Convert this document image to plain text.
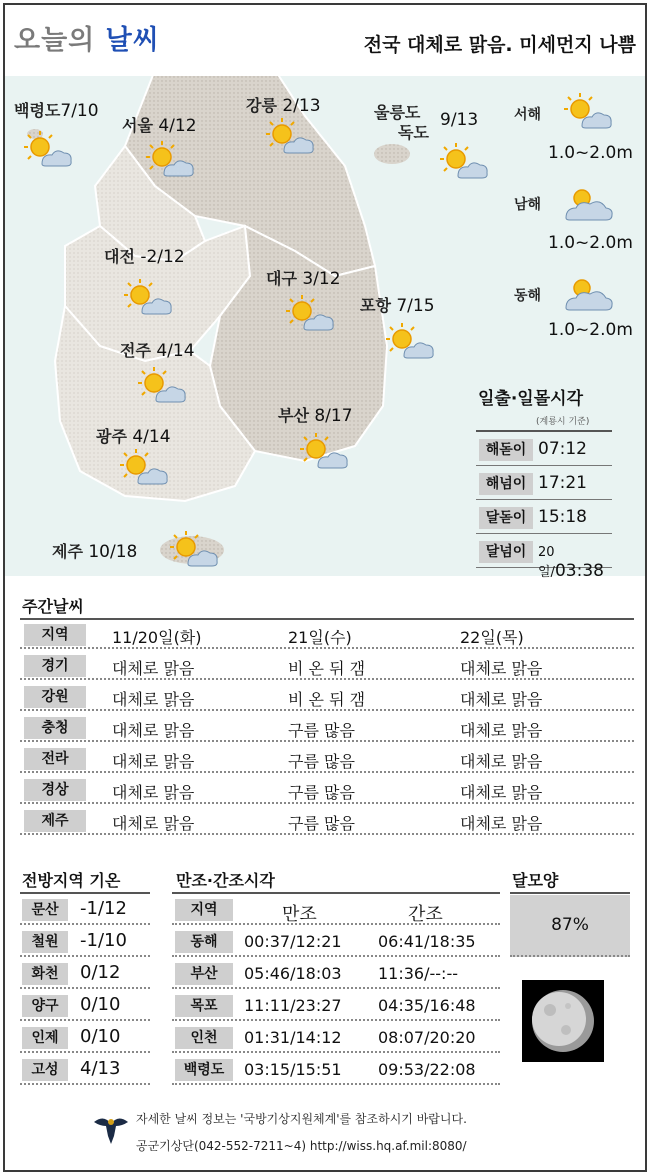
오늘의 날씨	전국 대체로 맑음. 미세먼지 나쁨
백령도7/10
서울 4/12
강릉 2/13	울릉도
독도
9/13
대전 -2/12
대구 3/12
포항 7/15
전주 4/14
광주 4/14
부산 8/17
제주 10/18
서해
1.0~2.0m
남해
1.0~2.0m
동해
1.0~2.0m
일출·일몰시각
(계룡시 기준)
해돋이 07:12
해넘이 17:21
달돋이 15:18
달넘이 20일/03:38
주간날씨
지역	11/20일(화)	21일(수)	22일(목)
경기	대체로 맑음	비 온 뒤 갬	대체로 맑음
강원	대체로 맑음	비 온 뒤 갬	대체로 맑음
충청	대체로 맑음	구름 많음	대체로 맑음
전라	대체로 맑음	구름 많음	대체로 맑음
경상	대체로 맑음	구름 많음	대체로 맑음
제주	대체로 맑음	구름 많음	대체로 맑음
전방지역 기온
문산	-1/12
철원	-1/10
화천	0/12
양구	0/10
인제	0/10
고성	4/13
만조·간조시각
지역	만조	간조
동해	00:37/12:21 06:41/18:35
부산	05:46/18:03 11:36/--:--
목포	11:11/23:27 04:35/16:48
인천	01:31/14:12 08:07/20:20
백령도	03:15/15:51 09:53/22:08
달모양
87%
자세한 날씨 정보는 '국방기상지원체계'를 참조하시기 바랍니다.
공군기상단(042-552-7211~4) http://wiss.hq.af.mil:8080/
